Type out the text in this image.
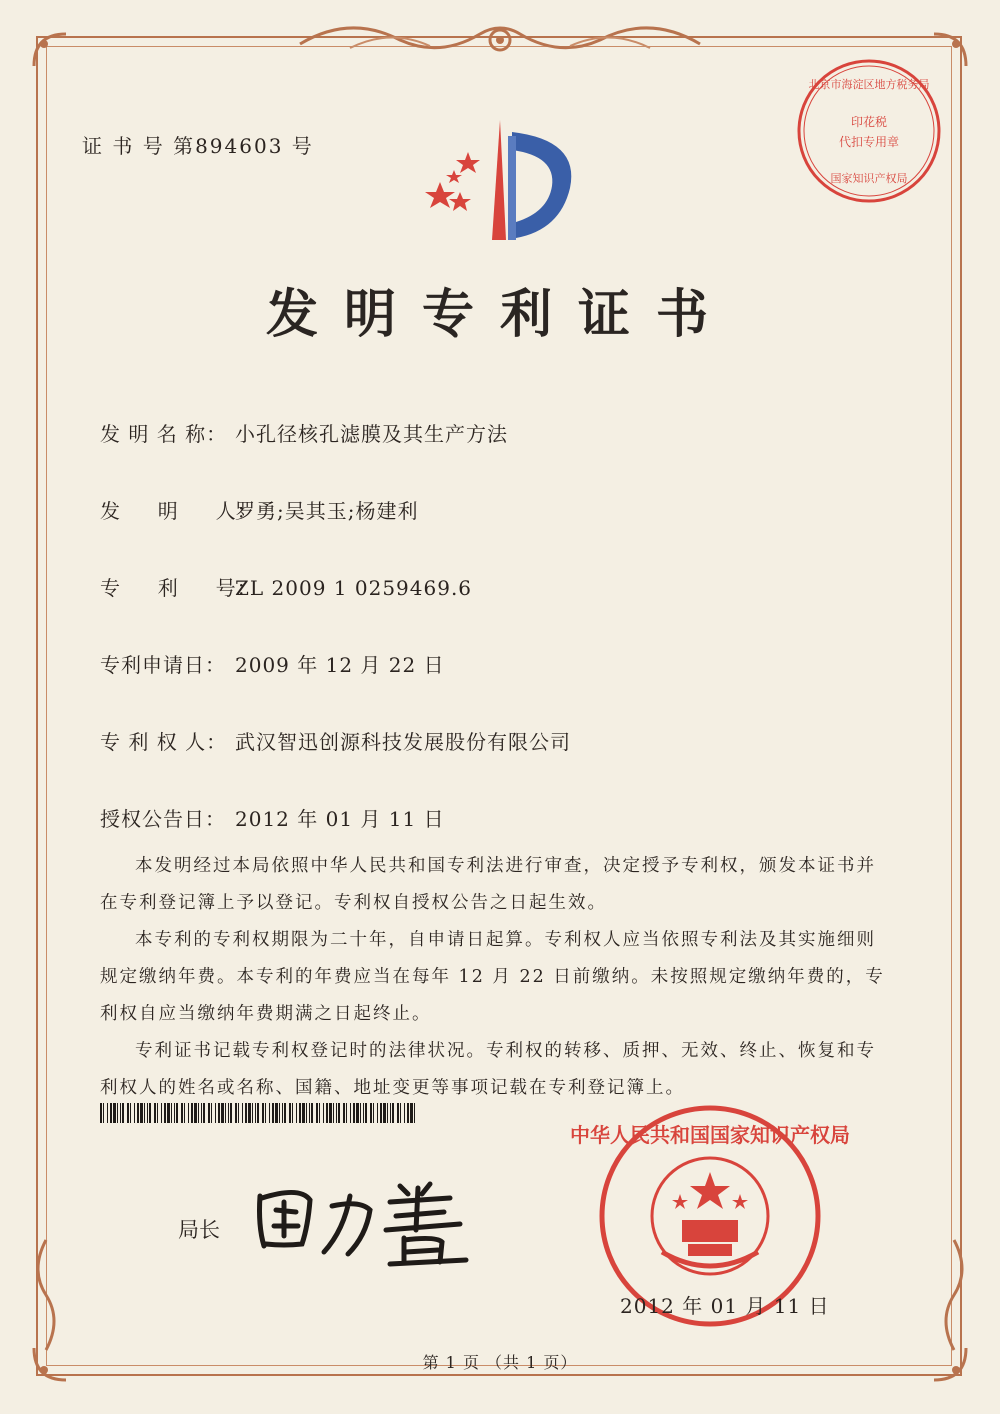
证 书 号 第894603 号
发明专利证书
发 明 名 称： 小孔径核孔滤膜及其生产方法
发     明     人：
罗勇;吴其玉;杨建利
专     利     号：
ZL 2009 1 0259469.6
专利申请日： 2009 年 12 月 22 日
专 利 权 人： 武汉智迅创源科技发展股份有限公司
授权公告日： 2012 年 01 月 11 日

本发明经过本局依照中华人民共和国专利法进行审查，决定授予专利权，颁发本证书并在专利登记簿上予以登记。专利权自授权公告之日起生效。

本专利的专利权期限为二十年，自申请日起算。专利权人应当依照专利法及其实施细则规定缴纳年费。本专利的年费应当在每年 12 月 22 日前缴纳。未按照规定缴纳年费的，专利权自应当缴纳年费期满之日起终止。

专利证书记载专利权登记时的法律状况。专利权的转移、质押、无效、终止、恢复和专利权人的姓名或名称、国籍、地址变更等事项记载在专利登记簿上。

局长
北京市海淀区地方税务局
印花税
代扣专用章
国家知识产权局
中华人民共和国国家知识产权局
2012 年 01 月 11 日
第 1 页 （共 1 页）
